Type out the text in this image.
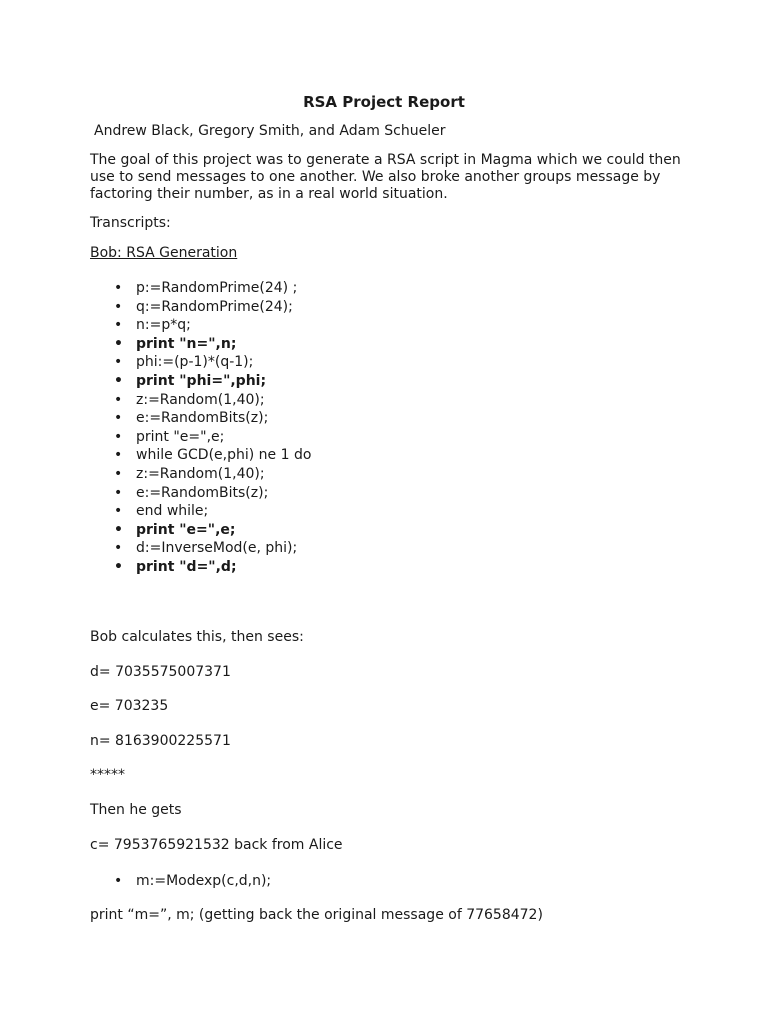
RSA Project Report
Andrew Black, Gregory Smith, and Adam Schueler
The goal of this project was to generate a RSA script in Magma which we could then use to send messages to one another. We also broke another groups message by factoring their number, as in a real world situation.
Transcripts:
Bob: RSA Generation
• p:=RandomPrime(24) ;
• q:=RandomPrime(24);
• n:=p*q;
• print "n=",n;
• phi:=(p-1)*(q-1);
• print "phi=",phi;
• z:=Random(1,40);
• e:=RandomBits(z);
• print "e=",e;
• while GCD(e,phi) ne 1 do
• z:=Random(1,40);
• e:=RandomBits(z);
• end while;
• print "e=",e;
• d:=InverseMod(e, phi);
• print "d=",d;
Bob calculates this, then sees:
d= 7035575007371
e= 703235
n= 8163900225571
*****
Then he gets
c= 7953765921532 back from Alice
• m:=Modexp(c,d,n);
print “m=”, m; (getting back the original message of 77658472)
